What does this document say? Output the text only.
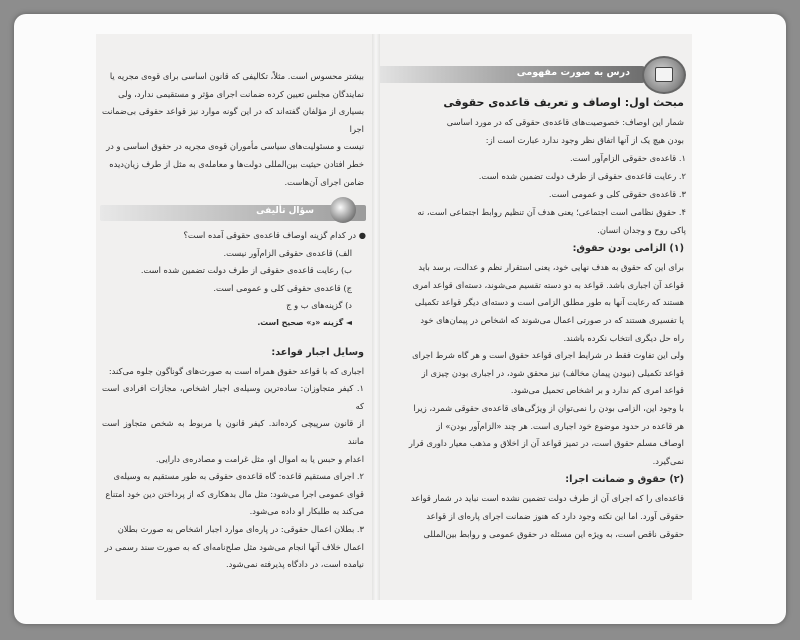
بیشتر محسوس است. مثلاً، تکالیفی که قانون اساسی برای قوه‌ی مجریه یا

نمایندگان مجلس تعیین کرده ضمانت اجرای مؤثر و مستقیمی ندارد، ولی

بسیاری از مؤلفان گفته‌اند که در این گونه موارد نیز قواعد حقوقی بی‌ضمانت اجرا

نیست و مسئولیت‌های سیاسی مأموران قوه‌ی مجریه در حقوق اساسی و در

خطر افتادن حیثیت بین‌المللی دولت‌ها و معامله‌ی به مثل از طرف زیان‌دیده

ضامن اجرای آن‌هاست.

سؤال تألیفی

● در کدام گزینه اوصاف قاعده‌ی حقوقی آمده است؟

الف) قاعده‌ی حقوقی الزام‌آور نیست.

ب) رعایت قاعده‌ی حقوقی از طرف دولت تضمین شده است.

ج) قاعده‌ی حقوقی کلی و عمومی است.

د) گزینه‌های ب و ج

◄ گزینه «د» صحیح است.

وسایل اجبار قواعد:

اجباری که با قواعد حقوق همراه است به صورت‌های گوناگون جلوه می‌کند:

۱. کیفر متجاوزان: ساده‌ترین وسیله‌ی اجبار اشخاص، مجازات افرادی است که

از قانون سرپیچی کرده‌اند. کیفر قانون یا مربوط به شخص متجاوز است مانند

اعدام و حبس یا به اموال او، مثل غرامت و مصادره‌ی دارایی.

۲. اجرای مستقیم قاعده: گاه قاعده‌ی حقوقی به طور مستقیم به وسیله‌ی

قوای عمومی اجرا می‌شود: مثل مال بدهکاری که از پرداختن دین خود امتناع

می‌کند به طلبکار او داده می‌شود.

۳. بطلان اعمال حقوقی: در پاره‌ای موارد اجبار اشخاص به صورت بطلان

اعمال خلاف آنها انجام می‌شود مثل صلح‌نامه‌ای که به صورت سند رسمی در

نیامده است، در دادگاه پذیرفته نمی‌شود.

درس به صورت مفهومی

مبحث اول: اوصاف و تعریف قاعده‌ی حقوقی

شمار این اوصاف: خصوصیت‌های قاعده‌ی حقوقی که در مورد اساسی

بودن هیچ یک از آنها اتفاق نظر وجود ندارد عبارت است از:

۱. قاعده‌ی حقوقی الزام‌آور است.

۲. رعایت قاعده‌ی حقوقی از طرف دولت تضمین شده است.

۳. قاعده‌ی حقوقی کلی و عمومی است.

۴. حقوق نظامی است اجتماعی؛ یعنی هدف آن تنظیم روابط اجتماعی است، نه

پاکی روح و وجدان انسان.

(۱) الزامی بودن حقوق:

برای این که حقوق به هدف نهایی خود، یعنی استقرار نظم و عدالت، برسد باید

قواعد آن اجباری باشد. قواعد به دو دسته تقسیم می‌شوند، دسته‌ای قواعد امری

هستند که رعایت آنها به طور مطلق الزامی است و دسته‌ای دیگر قواعد تکمیلی

یا تفسیری هستند که در صورتی اعمال می‌شوند که اشخاص در پیمان‌های خود

راه حل دیگری انتخاب نکرده باشند.

ولی این تفاوت فقط در شرایط اجرای قواعد حقوق است و هر گاه شرط اجرای

قواعد تکمیلی (نبودن پیمان مخالف) نیز محقق شود، در اجباری بودن چیزی از

قواعد امری کم ندارد و بر اشخاص تحمیل می‌شود.

با وجود این، الزامی بودن را نمی‌توان از ویژگی‌های قاعده‌ی حقوقی شمرد، زیرا

هر قاعده در حدود موضوع خود اجباری است. هر چند «الزام‌آور بودن» از

اوصاف مسلم حقوق است، در تمیز قواعد آن از اخلاق و مذهب معیار داوری قرار

نمی‌گیرد.

(۲) حقوق و ضمانت اجرا:

قاعده‌ای را که اجرای آن از طرف دولت تضمین نشده است نباید در شمار قواعد

حقوقی آورد. اما این نکته وجود دارد که هنوز ضمانت اجرای پاره‌ای از قواعد

حقوقی ناقص است، به ویژه این مسئله در حقوق عمومی و روابط بین‌المللی
